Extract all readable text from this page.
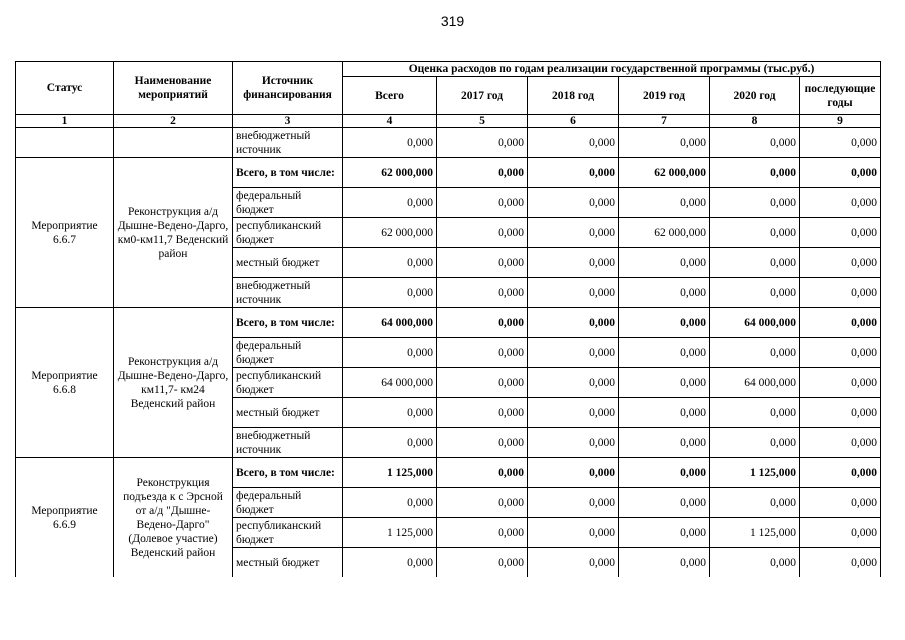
319
Статус	Наименование мероприятий	Источник финансирования	Оценка расходов по годам реализации государственной программы (тыс.руб.)					
			Всего	2017 год	2018 год	2019 год	2020 год	последующие годы
1	2	3	4	5	6	7	8	9
		внебюджетный источник	0,000	0,000	0,000	0,000	0,000	0,000
Мероприятие 6.6.7	Реконструкция а/д Дышне-Ведено-Дарго, км0-км11,7 Веденский район	Всего, в том числе:	62 000,000	0,000	0,000	62 000,000	0,000	0,000
		федеральный бюджет	0,000	0,000	0,000	0,000	0,000	0,000
		республиканский бюджет	62 000,000	0,000	0,000	62 000,000	0,000	0,000
		местный бюджет	0,000	0,000	0,000	0,000	0,000	0,000
		внебюджетный источник	0,000	0,000	0,000	0,000	0,000	0,000
Мероприятие 6.6.8	Реконструкция а/д Дышне-Ведено-Дарго, км11,7- км24 Веденский район	Всего, в том числе:	64 000,000	0,000	0,000	0,000	64 000,000	0,000
		федеральный бюджет	0,000	0,000	0,000	0,000	0,000	0,000
		республиканский бюджет	64 000,000	0,000	0,000	0,000	64 000,000	0,000
		местный бюджет	0,000	0,000	0,000	0,000	0,000	0,000
		внебюджетный источник	0,000	0,000	0,000	0,000	0,000	0,000
Мероприятие 6.6.9	Реконструкция подъезда к с Эрсной от а/д "Дышне-Ведено-Дарго" (Долевое участие) Веденский район	Всего, в том числе:	1 125,000	0,000	0,000	0,000	1 125,000	0,000
		федеральный бюджет	0,000	0,000	0,000	0,000	0,000	0,000
		республиканский бюджет	1 125,000	0,000	0,000	0,000	1 125,000	0,000
		местный бюджет	0,000	0,000	0,000	0,000	0,000	0,000
